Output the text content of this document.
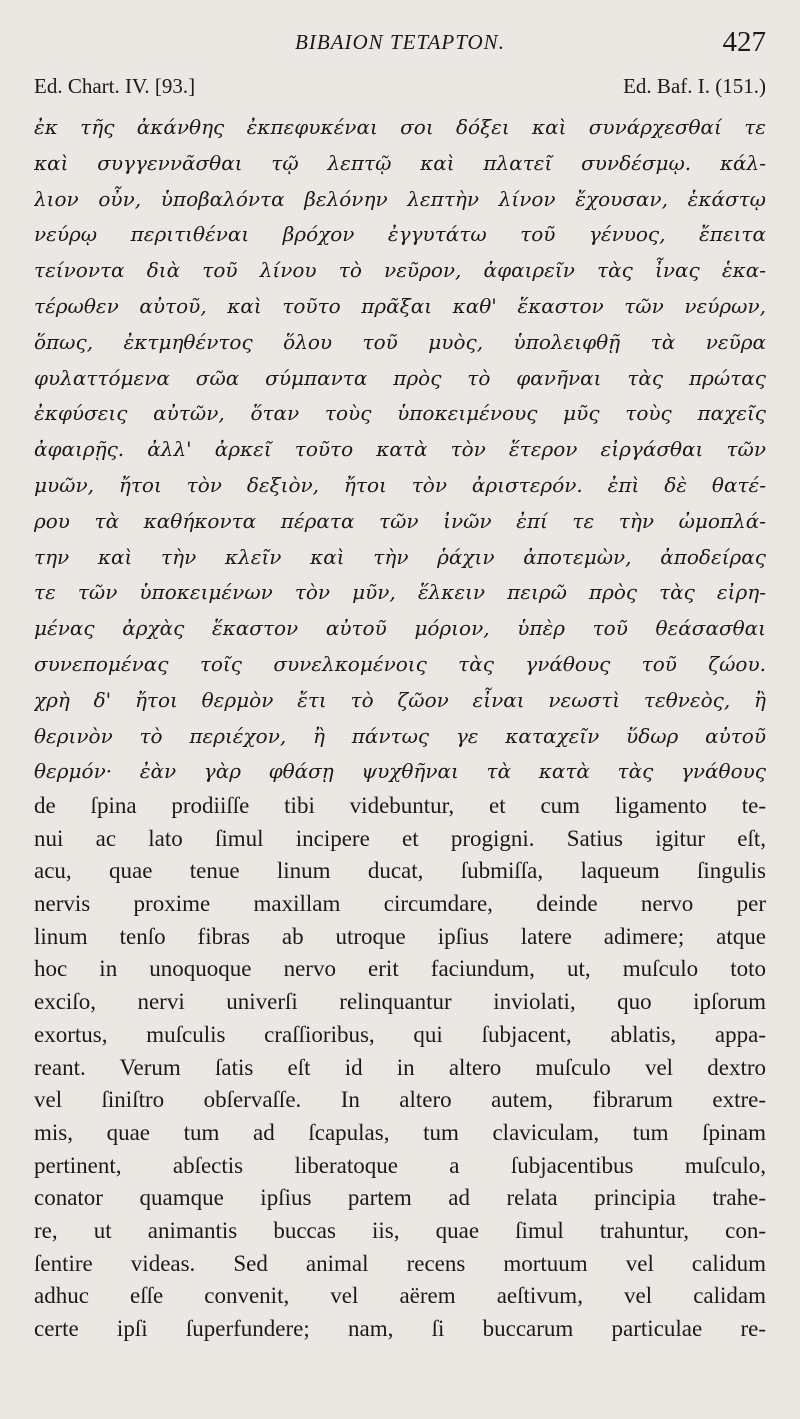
BIBAION TETAPTON.	427
Ed. Chart. IV. [93.]	Ed. Baf. I. (151.)
ἐκ τῆς ἀκάνθης ἐκπεφυκέναι σοι δόξει καὶ συνάρχεσθαί τε
καὶ συγγεννᾶσθαι τῷ λεπτῷ καὶ πλατεῖ συνδέσμῳ. κάλ-
λιον οὖν, ὑποβαλόντα βελόνην λεπτὴν λίνον ἔχουσαν, ἑκάστῳ
νεύρῳ περιτιθέναι βρόχον ἐγγυτάτω τοῦ γένυος, ἔπειτα
τείνοντα διὰ τοῦ λίνου τὸ νεῦρον, ἀφαιρεῖν τὰς ἶνας ἑκα-
τέρωθεν αὐτοῦ, καὶ τοῦτο πρᾶξαι καθ' ἕκαστον τῶν νεύρων,
ὅπως, ἐκτμηθέντος ὅλου τοῦ μυὸς, ὑπολειφθῇ τὰ νεῦρα
φυλαττόμενα σῶα σύμπαντα πρὸς τὸ φανῆναι τὰς πρώτας
ἐκφύσεις αὐτῶν, ὅταν τοὺς ὑποκειμένους μῦς τοὺς παχεῖς
ἀφαιρῇς. ἀλλ' ἀρκεῖ τοῦτο κατὰ τὸν ἕτερον εἰργάσθαι τῶν
μυῶν, ἤτοι τὸν δεξιὸν, ἤτοι τὸν ἀριστερόν. ἐπὶ δὲ θατέ-
ρου τὰ καθήκοντα πέρατα τῶν ἰνῶν ἐπί τε τὴν ὠμοπλά-
την καὶ τὴν κλεῖν καὶ τὴν ῥάχιν ἀποτεμὼν, ἀποδείρας
τε τῶν ὑποκειμένων τὸν μῦν, ἕλκειν πειρῶ πρὸς τὰς εἰρη-
μένας ἀρχὰς ἕκαστον αὐτοῦ μόριον, ὑπὲρ τοῦ θεάσασθαι
συνεπομένας τοῖς συνελκομένοις τὰς γνάθους τοῦ ζώου.
χρὴ δ' ἤτοι θερμὸν ἔτι τὸ ζῶον εἶναι νεωστὶ τεθνεὸς, ἢ
θερινὸν τὸ περιέχον, ἢ πάντως γε καταχεῖν ὕδωρ αὐτοῦ
θερμόν· ἐὰν γὰρ φθάσῃ ψυχθῆναι τὰ κατὰ τὰς γνάθους
de ſpina prodiiſſe tibi videbuntur, et cum ligamento te-
nui ac lato ſimul incipere et progigni. Satius igitur eſt,
acu, quae tenue linum ducat, ſubmiſſa, laqueum ſingulis
nervis proxime maxillam circumdare, deinde nervo per
linum tenſo fibras ab utroque ipſius latere adimere; atque
hoc in unoquoque nervo erit faciundum, ut, muſculo toto
exciſo, nervi univerſi relinquantur inviolati, quo ipſorum
exortus, muſculis craſſioribus, qui ſubjacent, ablatis, appa-
reant. Verum ſatis eſt id in altero muſculo vel dextro
vel ſiniſtro obſervaſſe. In altero autem, fibrarum extre-
mis, quae tum ad ſcapulas, tum claviculam, tum ſpinam
pertinent, abſectis liberatoque a ſubjacentibus muſculo,
conator quamque ipſius partem ad relata principia trahe-
re, ut animantis buccas iis, quae ſimul trahuntur, con-
ſentire videas. Sed animal recens mortuum vel calidum
adhuc eſſe convenit, vel aërem aeſtivum, vel calidam
certe ipſi ſuperfundere; nam, ſi buccarum particulae re-
